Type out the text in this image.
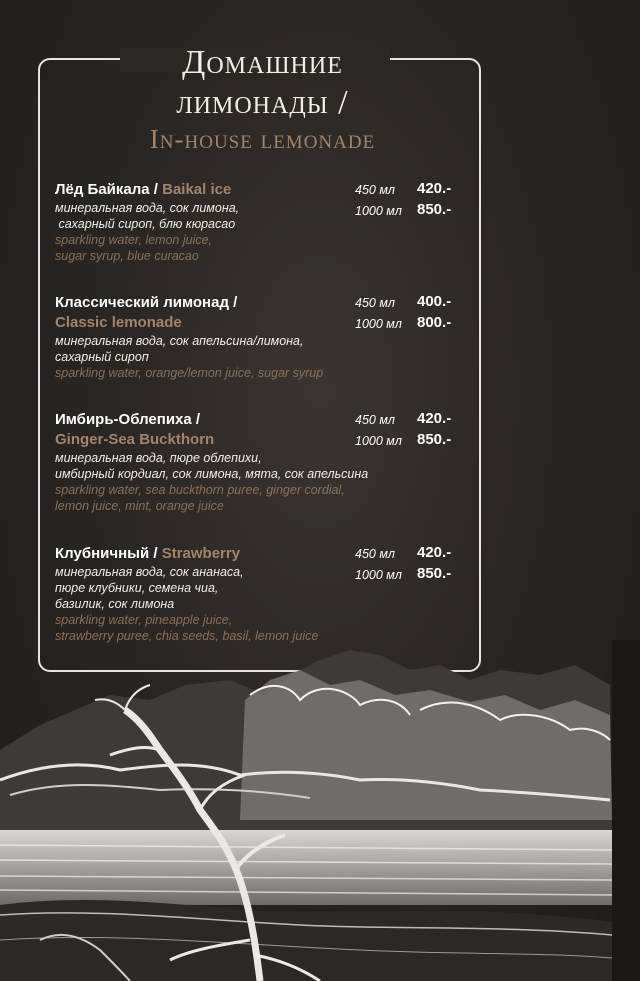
Домашние
лимонады /
In-house lemonade
Лёд Байкала / Baikal ice
минеральная вода, сок лимона,
сахарный сироп, блю кюрасао
sparkling water, lemon juice,
sugar syrup, blue curacao
450 мл 420.-
1000 мл 850.-
Классический лимонад /
Classic lemonade
минеральная вода, сок апельсина/лимона,
сахарный сироп
sparkling water, orange/lemon juice, sugar syrup
450 мл 400.-
1000 мл 800.-
Имбирь-Облепиха /
Ginger-Sea Buckthorn
минеральная вода, пюре облепихи,
имбирный кордиал, сок лимона, мята, сок апельсина
sparkling water, sea buckthorn puree, ginger cordial,
lemon juice, mint, orange juice
450 мл 420.-
1000 мл 850.-
Клубничный / Strawberry
минеральная вода, сок ананаса,
пюре клубники, семена чиа,
базилик, сок лимона
sparkling water, pineapple juice,
strawberry puree, chia seeds, basil, lemon juice
450 мл 420.-
1000 мл 850.-
